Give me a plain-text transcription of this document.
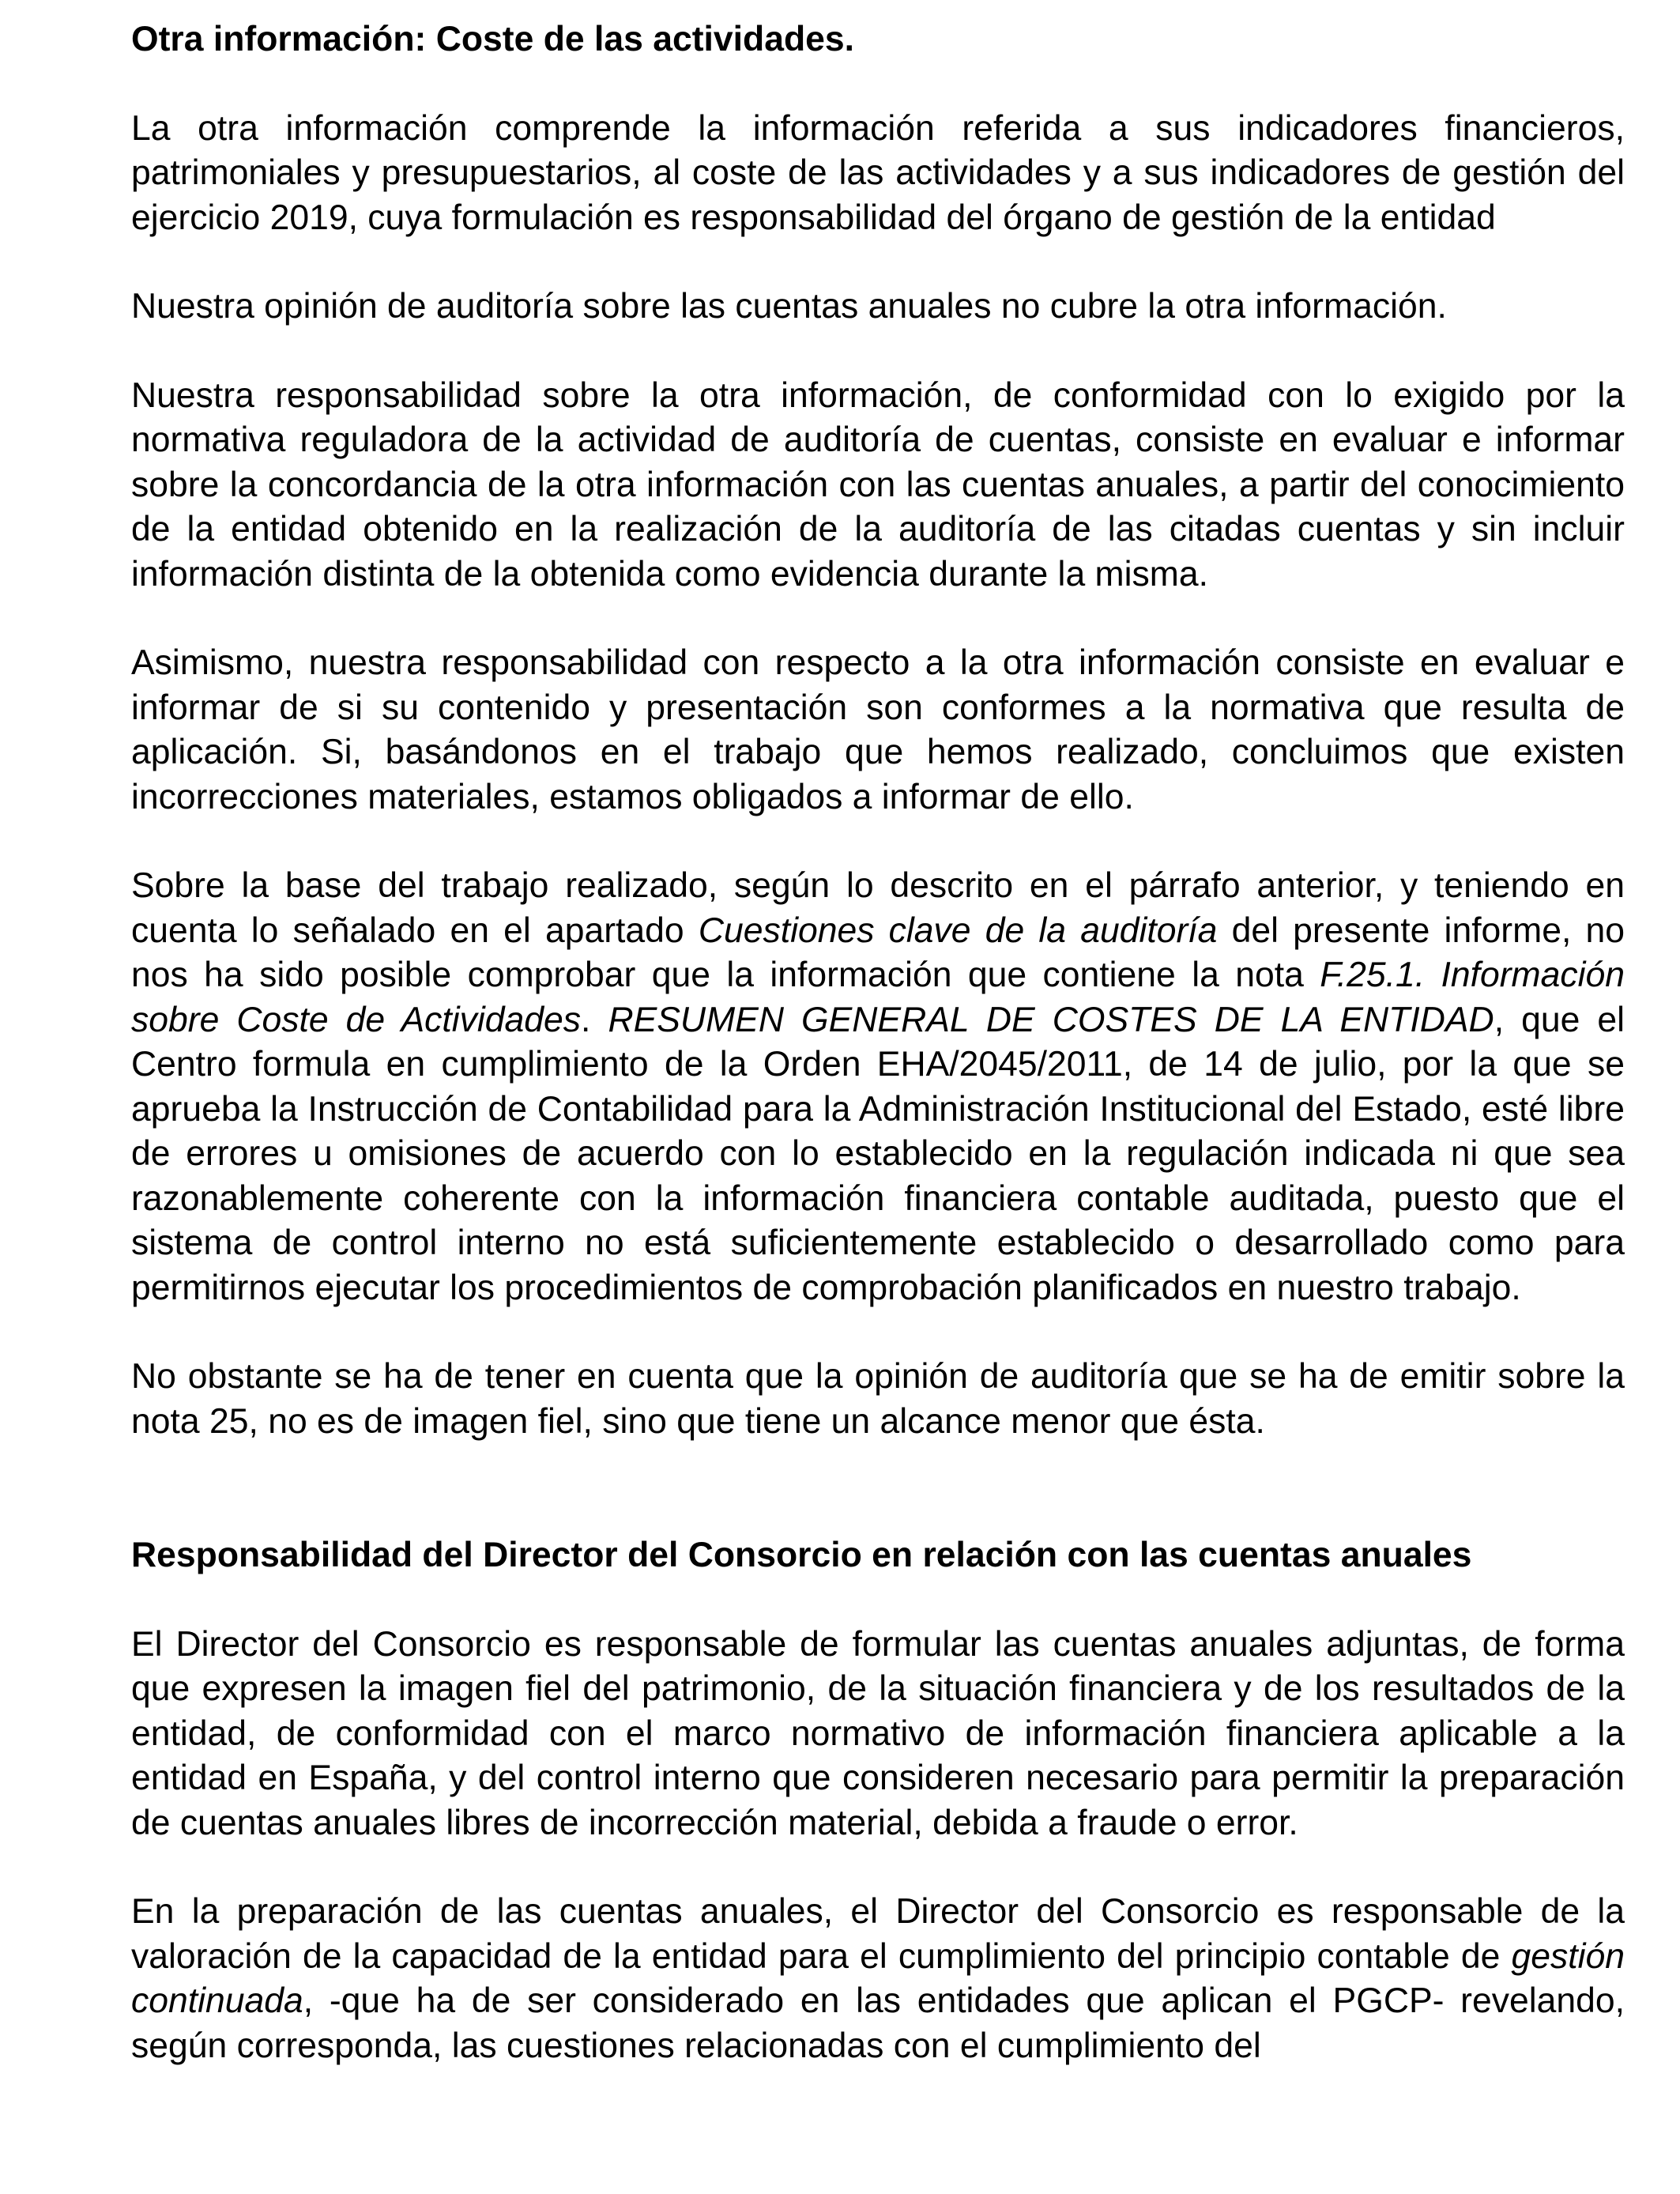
Otra información: Coste de las actividades.

La otra información comprende la información referida a sus indicadores financieros, patrimoniales y presupuestarios, al coste de las actividades y a sus indicadores de gestión del ejercicio 2019, cuya formulación es responsabilidad del órgano de gestión de la entidad

Nuestra opinión de auditoría sobre las cuentas anuales no cubre la otra información.

Nuestra responsabilidad sobre la otra información, de conformidad con lo exigido por la normativa reguladora de la actividad de auditoría de cuentas, consiste en evaluar e informar sobre la concordancia de la otra información con las cuentas anuales, a partir del conocimiento de la entidad obtenido en la realización de la auditoría de las citadas cuentas y sin incluir información distinta de la obtenida como evidencia durante la misma.

Asimismo, nuestra responsabilidad con respecto a la otra información consiste en evaluar e informar de si su contenido y presentación son conformes a la normativa que resulta de aplicación. Si, basándonos en el trabajo que hemos realizado, concluimos que existen incorrecciones materiales, estamos obligados a informar de ello.

Sobre la base del trabajo realizado, según lo descrito en el párrafo anterior, y teniendo en cuenta lo señalado en el apartado Cuestiones clave de la auditoría del presente informe, no nos ha sido posible comprobar que la información que contiene la nota F.25.1. Información sobre Coste de Actividades. RESUMEN GENERAL DE COSTES DE LA ENTIDAD, que el Centro formula en cumplimiento de la Orden EHA/2045/2011, de 14 de julio, por la que se aprueba la Instrucción de Contabilidad para la Administración Institucional del Estado, esté libre de errores u omisiones de acuerdo con lo establecido en la regulación indicada ni que sea razonablemente coherente con la información financiera contable auditada, puesto que el sistema de control interno no está suficientemente establecido o desarrollado como para permitirnos ejecutar los procedimientos de comprobación planificados en nuestro trabajo.

No obstante se ha de tener en cuenta que la opinión de auditoría que se ha de emitir sobre la nota 25, no es de imagen fiel, sino que tiene un alcance menor que ésta.

Responsabilidad del Director del Consorcio en relación con las cuentas anuales

El Director del Consorcio es responsable de formular las cuentas anuales adjuntas, de forma que expresen la imagen fiel del patrimonio, de la situación financiera y de los resultados de la entidad, de conformidad con el marco normativo de información financiera aplicable a la entidad en España, y del control interno que consideren necesario para permitir la preparación de cuentas anuales libres de incorrección material, debida a fraude o error.

En la preparación de las cuentas anuales, el Director del Consorcio es responsable de la valoración de la capacidad de la entidad para el cumplimiento del principio contable de gestión continuada, -que ha de ser considerado en las entidades que aplican el PGCP- revelando, según corresponda, las cuestiones relacionadas con el cumplimiento del
